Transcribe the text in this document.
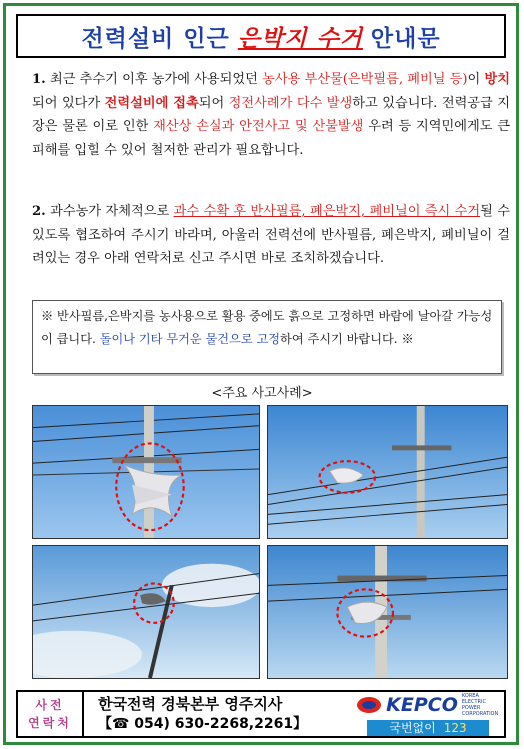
전력설비 인근 은박지 수거 안내문
1. 최근 추수기 이후 농가에 사용되었던 농사용 부산물(은박필름, 폐비닐 등)이 방치되어 있다가 전력설비에 접촉되어 정전사례가 다수 발생하고 있습니다. 전력공급 지장은 물론 이로 인한 재산상 손실과 안전사고 및 산불발생 우려 등 지역민에게도 큰 피해를 입힐 수 있어 철저한 관리가 필요합니다.
2. 과수농가 자체적으로 과수 수확 후 반사필름, 폐은박지, 폐비닐이 즉시 수거될 수 있도록 협조하여 주시기 바라며, 아울러 전력선에 반사필름, 폐은박지, 폐비닐이 걸려있는 경우 아래 연락처로 신고 주시면 바로 조치하겠습니다.
※ 반사필름,은박지를 농사용으로 활용 중에도 흙으로 고정하면 바람에 날아갈 가능성이 큽니다. 돌이나 기타 무거운 물건으로 고정하여 주시기 바랍니다. ※
<주요 사고사례>
사전
연락처
한국전력 경북본부 영주지사
【☎ 054) 630-2268,2261】
KEPCO KOREA ELECTRIC POWER CORPORATION
국번없이 123
